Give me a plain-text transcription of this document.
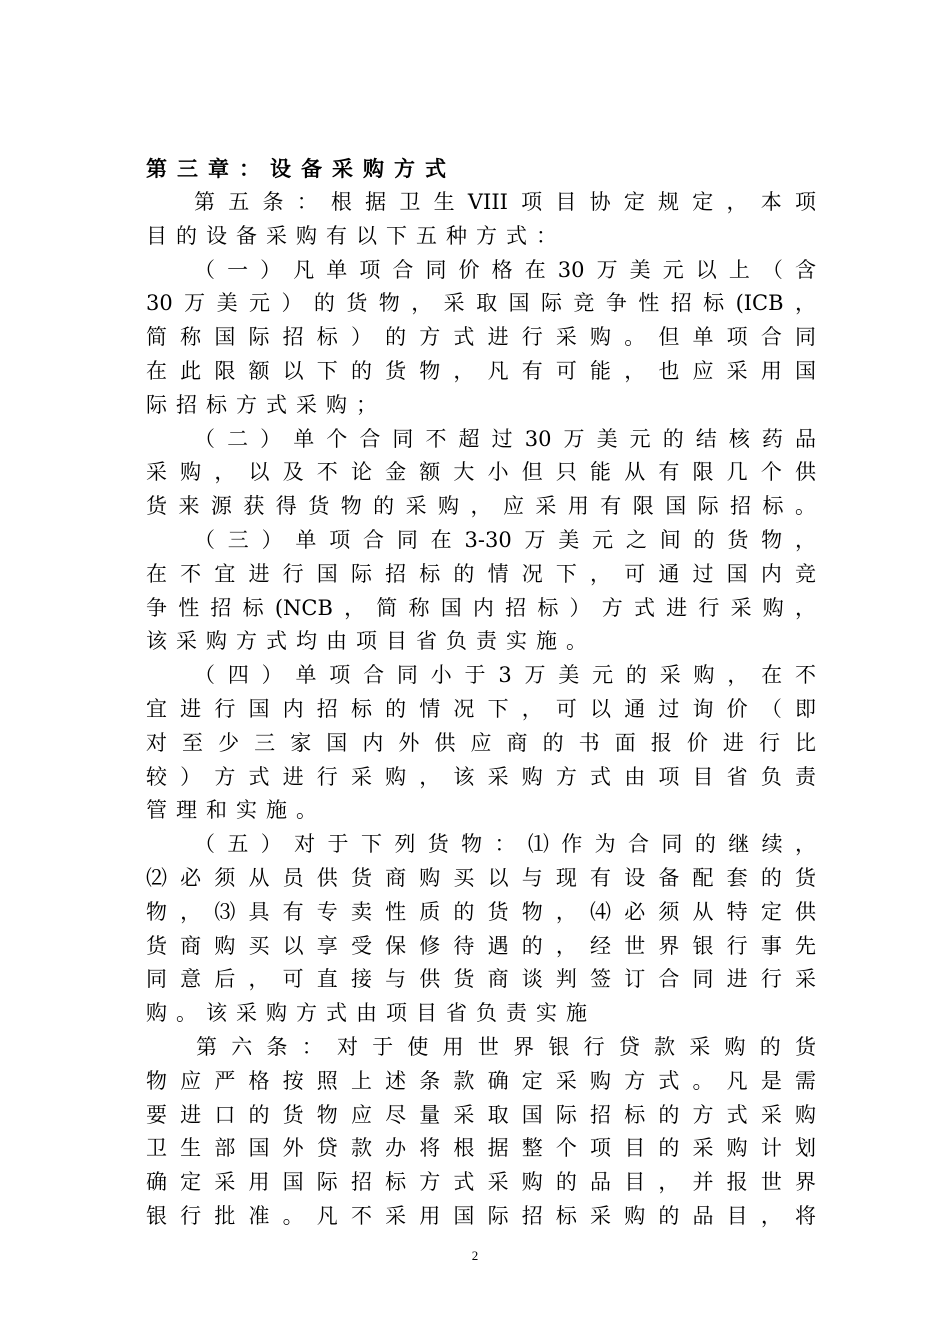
第三章：设备采购方式
第五条：根据卫生VIII项目协定规定，本项
目的设备采购有以下五种方式：
（一）凡单项合同价格在30万美元以上（含
30万美元）的货物，采取国际竞争性招标(ICB，
简称国际招标）的方式进行采购。但单项合同
在此限额以下的货物，凡有可能，也应采用国
际招标方式采购；
（二）单个合同不超过30万美元的结核药品
采购，以及不论金额大小但只能从有限几个供
货来源获得货物的采购，应采用有限国际招标。
（三）单项合同在3-30万美元之间的货物，
在不宜进行国际招标的情况下，可通过国内竞
争性招标(NCB，简称国内招标）方式进行采购，
该采购方式均由项目省负责实施。
（四）单项合同小于3万美元的采购，在不
宜进行国内招标的情况下，可以通过询价（即
对至少三家国内外供应商的书面报价进行比
较）方式进行采购，该采购方式由项目省负责
管理和实施。
（五）对于下列货物：⑴作为合同的继续，
⑵必须从员供货商购买以与现有设备配套的货
物，⑶具有专卖性质的货物，⑷必须从特定供
货商购买以享受保修待遇的，经世界银行事先
同意后，可直接与供货商谈判签订合同进行采
购。该采购方式由项目省负责实施
第六条：对于使用世界银行贷款采购的货
物应严格按照上述条款确定采购方式。凡是需
要进口的货物应尽量采取国际招标的方式采购
卫生部国外贷款办将根据整个项目的采购计划
确定采用国际招标方式采购的品目，并报世界
银行批准。凡不采用国际招标采购的品目，将
2
